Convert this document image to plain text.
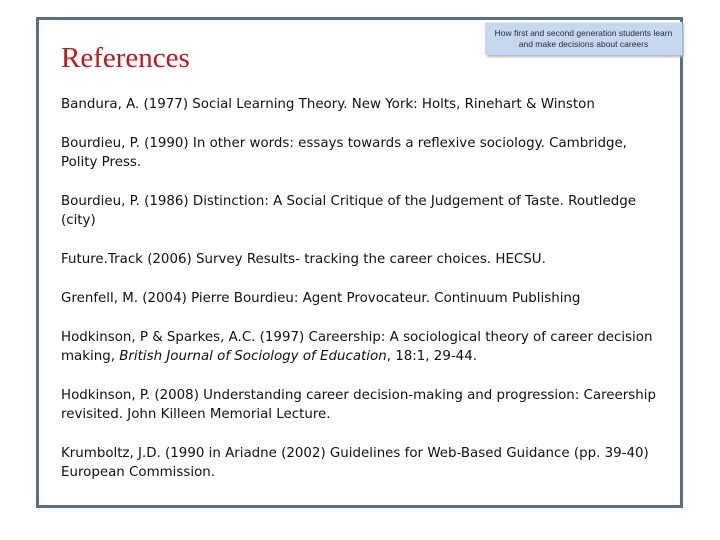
References
How first and second generation students learn and make decisions about careers
Bandura, A. (1977) Social Learning Theory. New York: Holts, Rinehart & Winston
Bourdieu, P. (1990) In other words: essays towards a reflexive sociology. Cambridge, Polity Press.
Bourdieu, P. (1986) Distinction: A Social Critique of the Judgement of Taste. Routledge (city)
Future.Track (2006) Survey Results- tracking the career choices. HECSU.
Grenfell, M. (2004) Pierre Bourdieu: Agent Provocateur. Continuum Publishing
Hodkinson, P & Sparkes, A.C. (1997) Careership: A sociological theory of career decision making, British Journal of Sociology of Education, 18:1, 29-44.
Hodkinson, P. (2008) Understanding career decision-making and progression: Careership revisited. John Killeen Memorial Lecture.
Krumboltz, J.D. (1990 in Ariadne (2002) Guidelines for Web-Based Guidance (pp. 39-40) European Commission.
